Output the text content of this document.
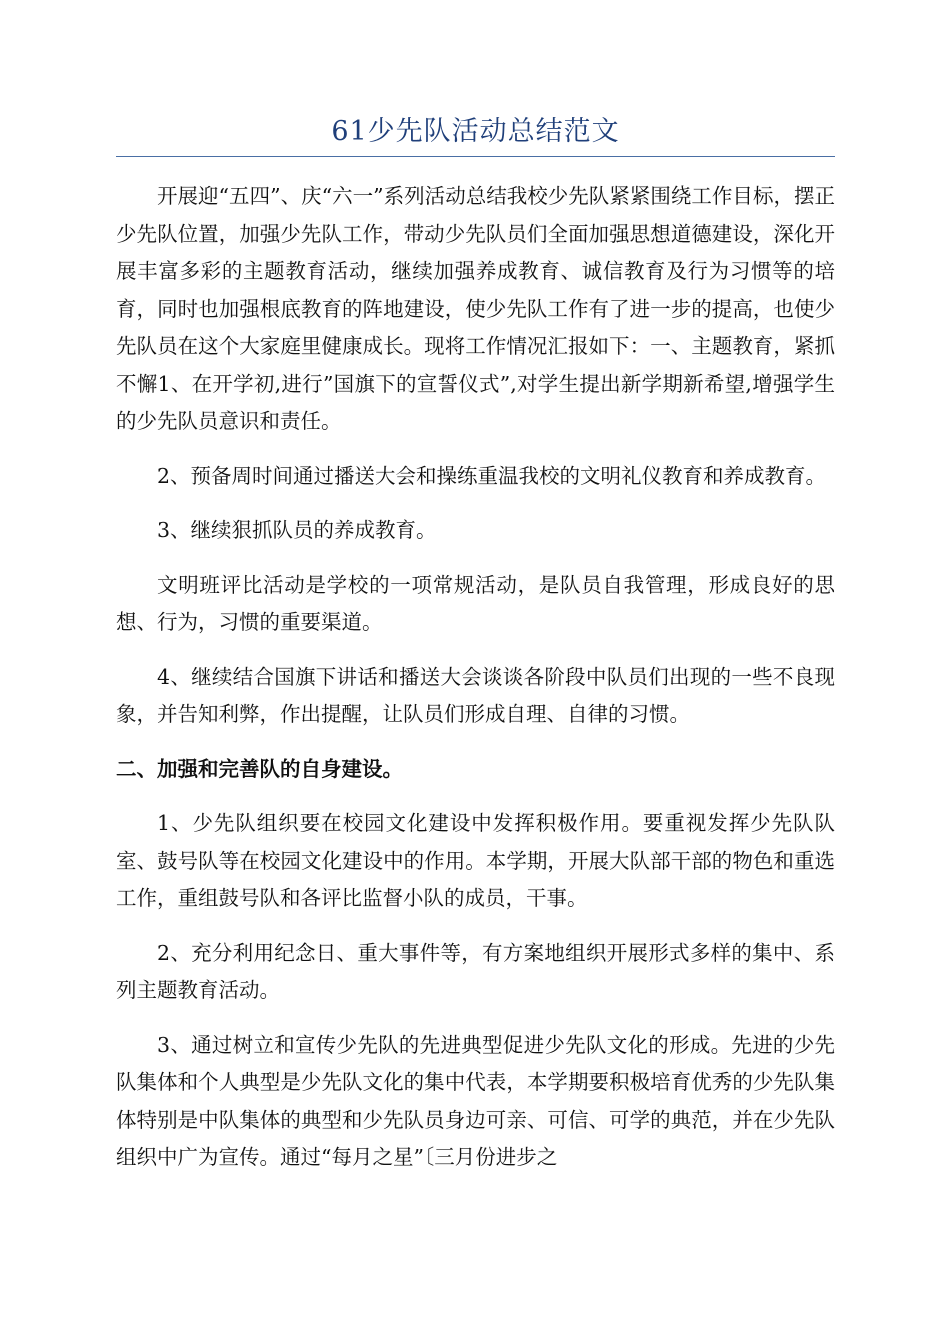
61少先队活动总结范文

开展迎“五四”、庆“六一”系列活动总结我校少先队紧紧围绕工作目标，摆正少先队位置，加强少先队工作，带动少先队员们全面加强思想道德建设，深化开展丰富多彩的主题教育活动，继续加强养成教育、诚信教育及行为习惯等的培育，同时也加强根底教育的阵地建设，使少先队工作有了进一步的提高，也使少先队员在这个大家庭里健康成长。现将工作情况汇报如下：一、主题教育，紧抓不懈1、在开学初,进行”国旗下的宣誓仪式”,对学生提出新学期新希望,增强学生的少先队员意识和责任。

2、预备周时间通过播送大会和操练重温我校的文明礼仪教育和养成教育。

3、继续狠抓队员的养成教育。

文明班评比活动是学校的一项常规活动，是队员自我管理，形成良好的思想、行为，习惯的重要渠道。

4、继续结合国旗下讲话和播送大会谈谈各阶段中队员们出现的一些不良现象，并告知利弊，作出提醒，让队员们形成自理、自律的习惯。

二、加强和完善队的自身建设。

1、少先队组织要在校园文化建设中发挥积极作用。要重视发挥少先队队室、鼓号队等在校园文化建设中的作用。本学期，开展大队部干部的物色和重选工作，重组鼓号队和各评比监督小队的成员，干事。

2、充分利用纪念日、重大事件等，有方案地组织开展形式多样的集中、系列主题教育活动。

3、通过树立和宣传少先队的先进典型促进少先队文化的形成。先进的少先队集体和个人典型是少先队文化的集中代表，本学期要积极培育优秀的少先队集体特别是中队集体的典型和少先队员身边可亲、可信、可学的典范，并在少先队组织中广为宣传。通过“每月之星”〔三月份进步之
